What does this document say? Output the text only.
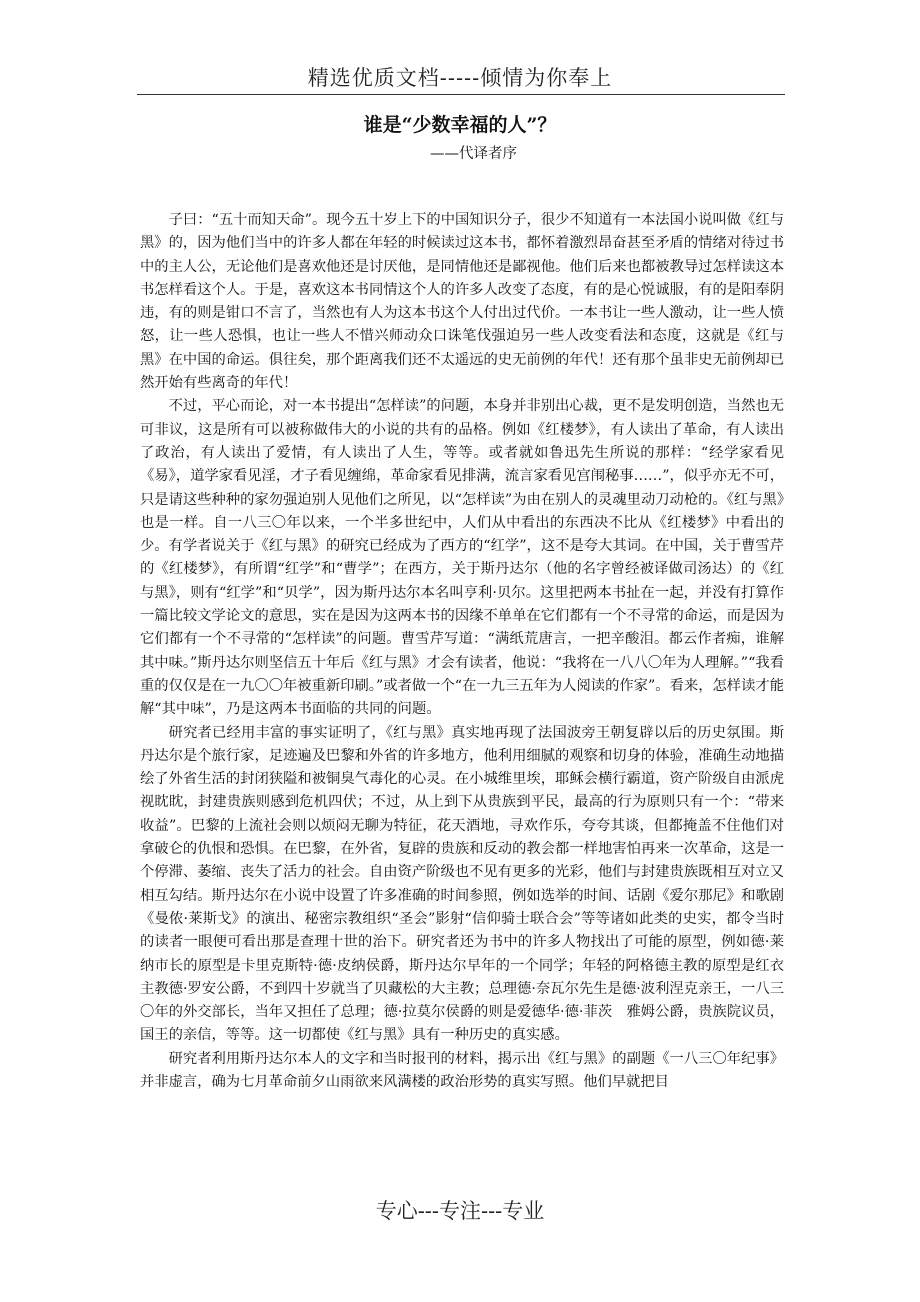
精选优质文档-----倾情为你奉上
谁是“少数幸福的人”？
——代译者序

子曰：“五十而知天命”。现今五十岁上下的中国知识分子，很少不知道有一本法国小说叫做《红与黑》的，因为他们当中的许多人都在年轻的时候读过这本书，都怀着激烈昂奋甚至矛盾的情绪对待过书中的主人公，无论他们是喜欢他还是讨厌他，是同情他还是鄙视他。他们后来也都被教导过怎样读这本书怎样看这个人。于是，喜欢这本书同情这个人的许多人改变了态度，有的是心悦诚服，有的是阳奉阴违，有的则是钳口不言了，当然也有人为这本书这个人付出过代价。一本书让一些人激动，让一些人愤怒，让一些人恐惧，也让一些人不惜兴师动众口诛笔伐强迫另一些人改变看法和态度，这就是《红与黑》在中国的命运。俱往矣，那个距离我们还不太遥远的史无前例的年代！还有那个虽非史无前例却已然开始有些离奇的年代！

不过，平心而论，对一本书提出“怎样读”的问题，本身并非别出心裁，更不是发明创造，当然也无可非议，这是所有可以被称做伟大的小说的共有的品格。例如《红楼梦》，有人读出了革命，有人读出了政治，有人读出了爱情，有人读出了人生，等等。或者就如鲁迅先生所说的那样：“经学家看见《易》，道学家看见淫，才子看见缠绵，革命家看见排满，流言家看见宫闱秘事……”，似乎亦无不可，只是请这些种种的家勿强迫别人见他们之所见，以“怎样读”为由在别人的灵魂里动刀动枪的。《红与黑》也是一样。自一八三〇年以来，一个半多世纪中，人们从中看出的东西决不比从《红楼梦》中看出的少。有学者说关于《红与黑》的研究已经成为了西方的“红学”，这不是夸大其词。在中国，关于曹雪芹的《红楼梦》，有所谓“红学”和“曹学”；在西方，关于斯丹达尔（他的名字曾经被译做司汤达）的《红与黑》，则有“红学”和“贝学”，因为斯丹达尔本名叫亨利·贝尔。这里把两本书扯在一起，并没有打算作一篇比较文学论文的意思，实在是因为这两本书的因缘不单单在它们都有一个不寻常的命运，而是因为它们都有一个不寻常的“怎样读”的问题。曹雪芹写道：“满纸荒唐言，一把辛酸泪。都云作者痴，谁解其中味。”斯丹达尔则坚信五十年后《红与黑》才会有读者，他说：“我将在一八八〇年为人理解。”“我看重的仅仅是在一九〇〇年被重新印刷。”或者做一个“在一九三五年为人阅读的作家”。看来，怎样读才能解“其中味”，乃是这两本书面临的共同的问题。

研究者已经用丰富的事实证明了，《红与黑》真实地再现了法国波旁王朝复辟以后的历史氛围。斯丹达尔是个旅行家，足迹遍及巴黎和外省的许多地方，他利用细腻的观察和切身的体验，准确生动地描绘了外省生活的封闭狭隘和被铜臭气毒化的心灵。在小城维里埃，耶稣会横行霸道，资产阶级自由派虎视眈眈，封建贵族则感到危机四伏；不过，从上到下从贵族到平民，最高的行为原则只有一个：“带来收益”。巴黎的上流社会则以烦闷无聊为特征，花天酒地，寻欢作乐，夸夸其谈，但都掩盖不住他们对拿破仑的仇恨和恐惧。在巴黎，在外省，复辟的贵族和反动的教会都一样地害怕再来一次革命，这是一个停滞、萎缩、丧失了活力的社会。自由资产阶级也不见有更多的光彩，他们与封建贵族既相互对立又相互勾结。斯丹达尔在小说中设置了许多准确的时间参照，例如选举的时间、话剧《爱尔那尼》和歌剧《曼侬·莱斯戈》的演出、秘密宗教组织“圣会”影射“信仰骑士联合会”等等诸如此类的史实，都令当时的读者一眼便可看出那是查理十世的治下。研究者还为书中的许多人物找出了可能的原型，例如德·莱纳市长的原型是卡里克斯特·德·皮纳侯爵，斯丹达尔早年的一个同学；年轻的阿格德主教的原型是红衣主教德·罗安公爵，不到四十岁就当了贝藏松的大主教；总理德·奈瓦尔先生是德·波利涅克亲王，一八三〇年的外交部长，当年又担任了总理；德·拉莫尔侯爵的则是爱德华·德·菲茨　雅姆公爵，贵族院议员，国王的亲信，等等。这一切都使《红与黑》具有一种历史的真实感。

研究者利用斯丹达尔本人的文字和当时报刊的材料，揭示出《红与黑》的副题《一八三〇年纪事》并非虚言，确为七月革命前夕山雨欲来风满楼的政治形势的真实写照。他们早就把目

专心---专注---专业
